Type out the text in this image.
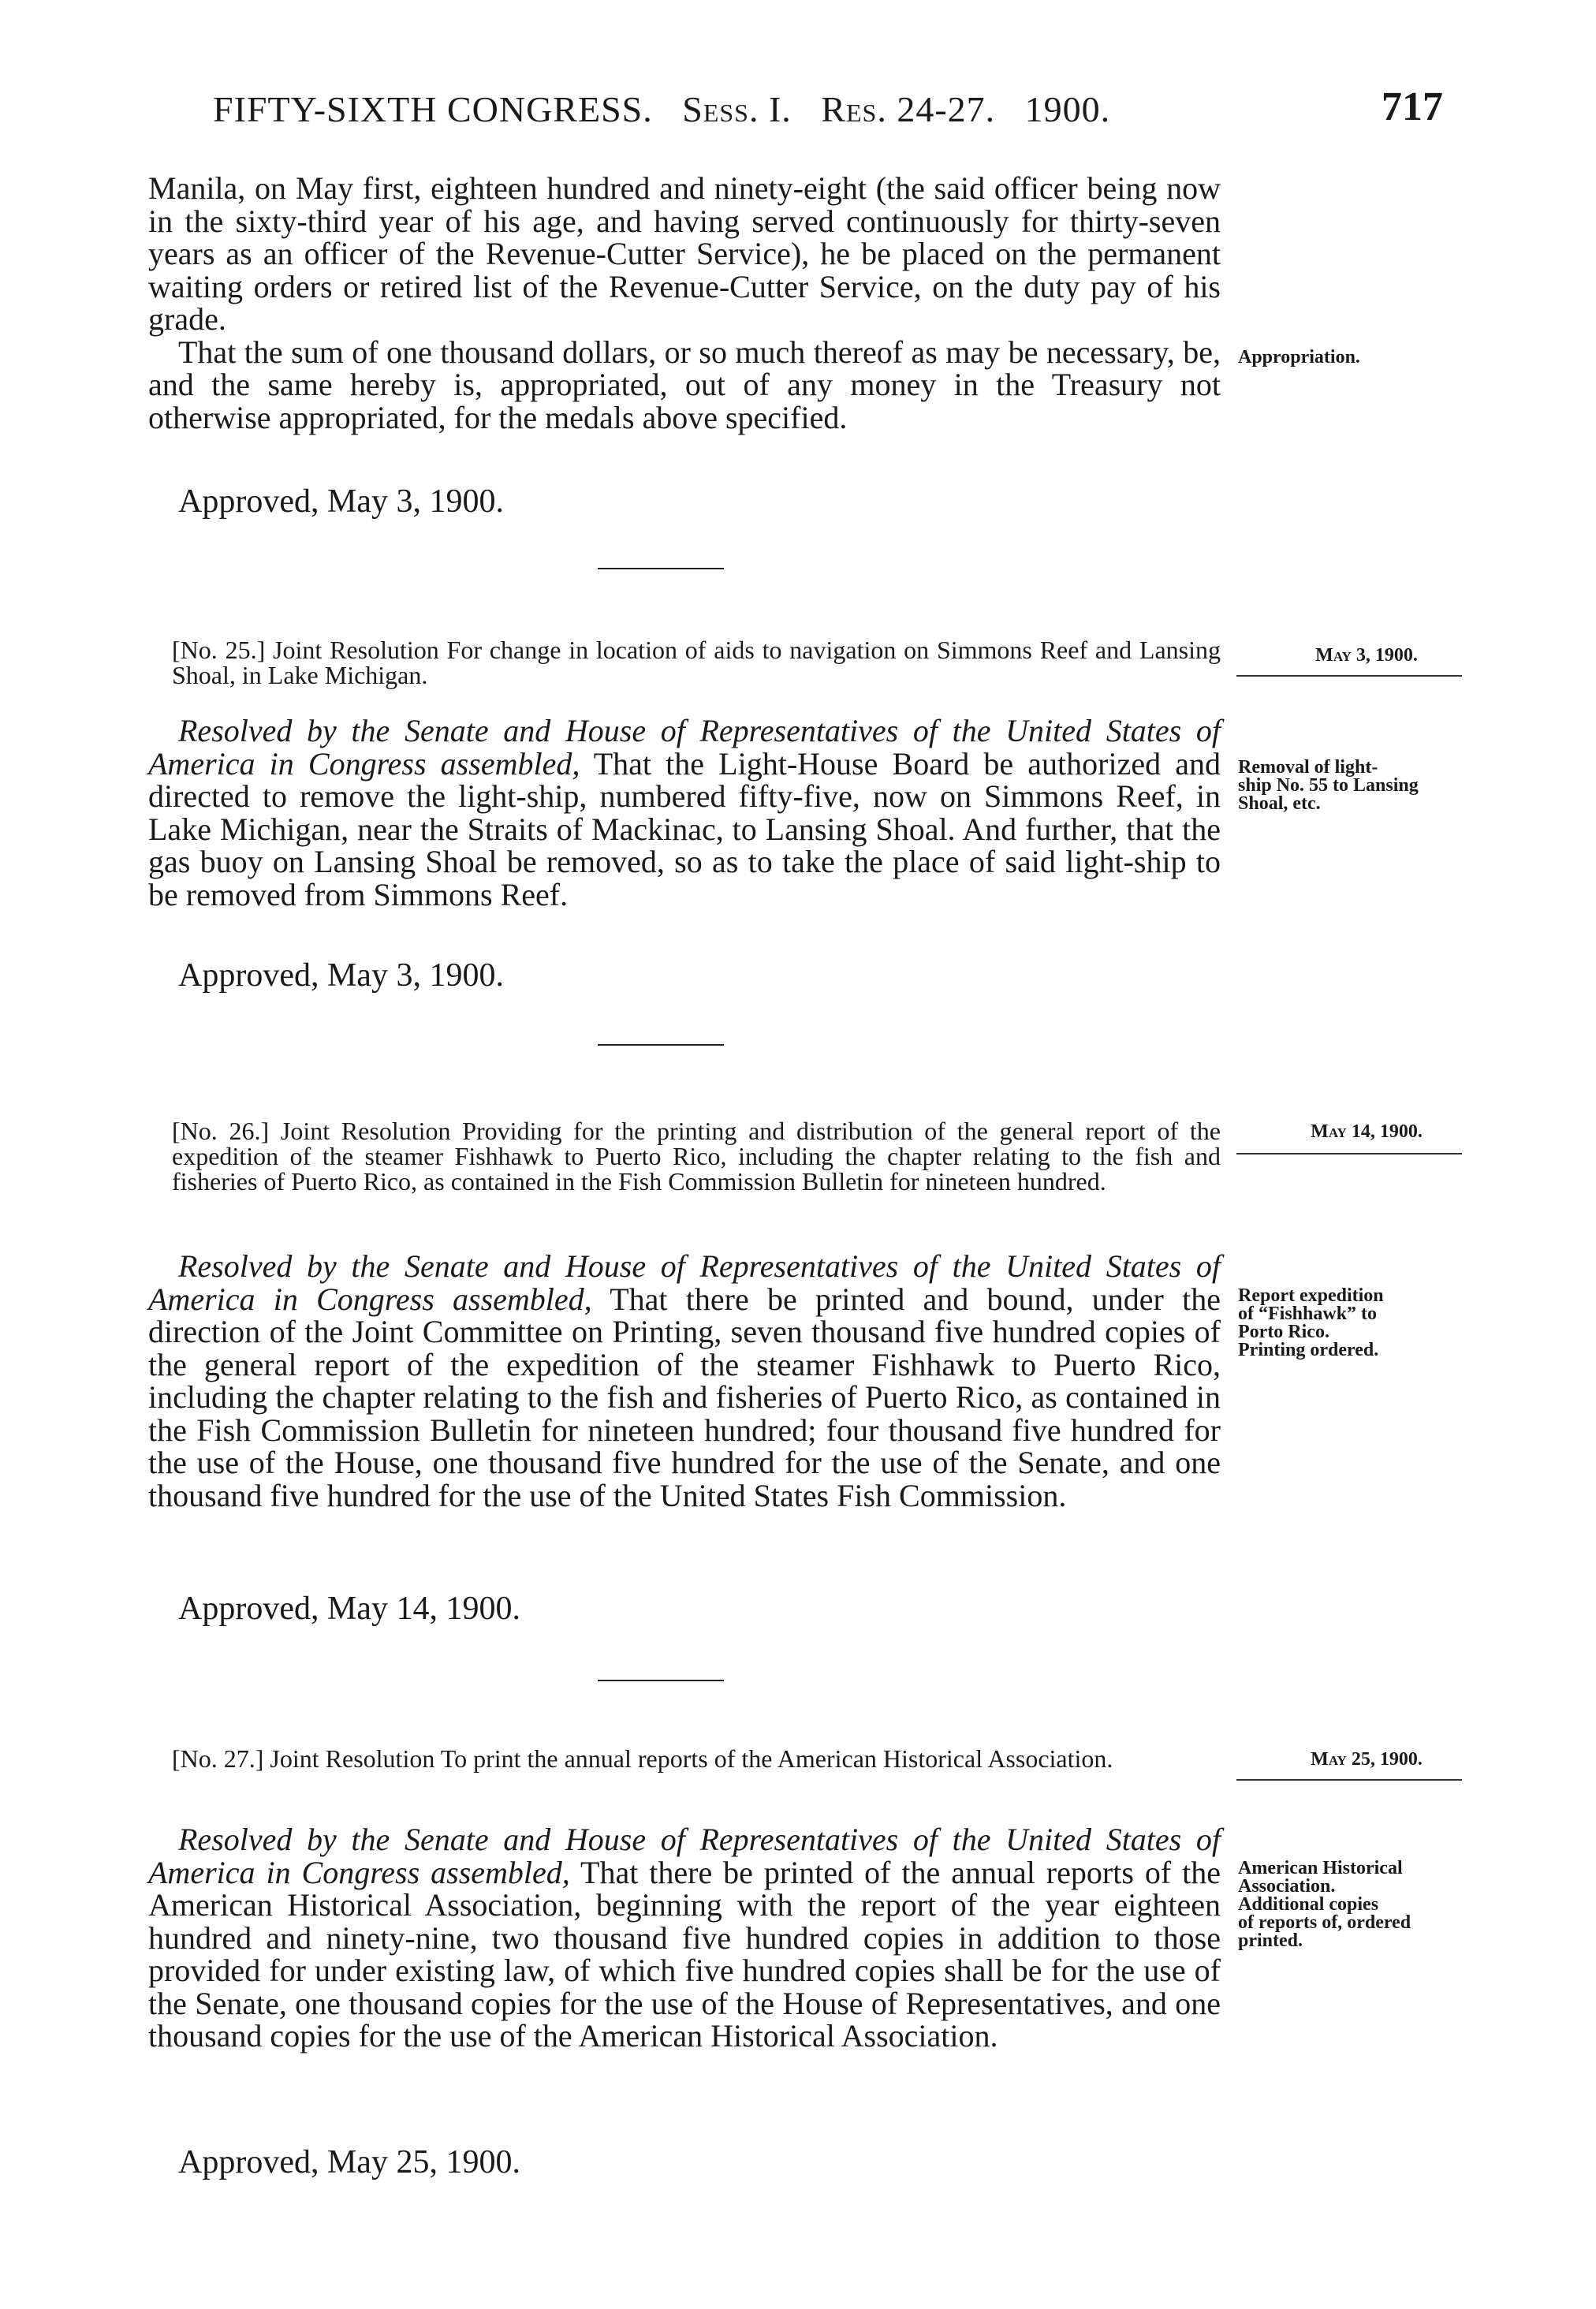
FIFTY-SIXTH CONGRESS. Sess. I. Res. 24-27. 1900.	717
Manila, on May first, eighteen hundred and ninety-eight (the said officer being now in the sixty-third year of his age, and having served continuously for thirty-seven years as an officer of the Revenue-Cutter Service), he be placed on the permanent waiting orders or retired list of the Revenue-Cutter Service, on the duty pay of his grade.
That the sum of one thousand dollars, or so much thereof as may be necessary, be, and the same hereby is, appropriated, out of any money in the Treasury not otherwise appropriated, for the medals above specified.
Appropriation.
Approved, May 3, 1900.
[No. 25.] Joint Resolution For change in location of aids to navigation on Simmons Reef and Lansing Shoal, in Lake Michigan.
May 3, 1900.
Resolved by the Senate and House of Representatives of the United States of America in Congress assembled, That the Light-House Board be authorized and directed to remove the light-ship, numbered fifty-five, now on Simmons Reef, in Lake Michigan, near the Straits of Mackinac, to Lansing Shoal. And further, that the gas buoy on Lansing Shoal be removed, so as to take the place of said light-ship to be removed from Simmons Reef.
Removal of light-
ship No. 55 to Lansing
Shoal, etc.
Approved, May 3, 1900.
[No. 26.] Joint Resolution Providing for the printing and distribution of the general report of the expedition of the steamer Fishhawk to Puerto Rico, including the chapter relating to the fish and fisheries of Puerto Rico, as contained in the Fish Commission Bulletin for nineteen hundred.
May 14, 1900.
Resolved by the Senate and House of Representatives of the United States of America in Congress assembled, That there be printed and bound, under the direction of the Joint Committee on Printing, seven thousand five hundred copies of the general report of the expedition of the steamer Fishhawk to Puerto Rico, including the chapter relating to the fish and fisheries of Puerto Rico, as contained in the Fish Commission Bulletin for nineteen hundred; four thousand five hundred for the use of the House, one thousand five hundred for the use of the Senate, and one thousand five hundred for the use of the United States Fish Commission.
Report expedition
of “Fishhawk” to
Porto Rico.
Printing ordered.
Approved, May 14, 1900.
[No. 27.] Joint Resolution To print the annual reports of the American Historical Association.	May 25, 1900.
Resolved by the Senate and House of Representatives of the United States of America in Congress assembled, That there be printed of the annual reports of the American Historical Association, beginning with the report of the year eighteen hundred and ninety-nine, two thousand five hundred copies in addition to those provided for under existing law, of which five hundred copies shall be for the use of the Senate, one thousand copies for the use of the House of Representatives, and one thousand copies for the use of the American Historical Association.
American Historical
Association.
Additional copies
of reports of, ordered
printed.
Approved, May 25, 1900.
